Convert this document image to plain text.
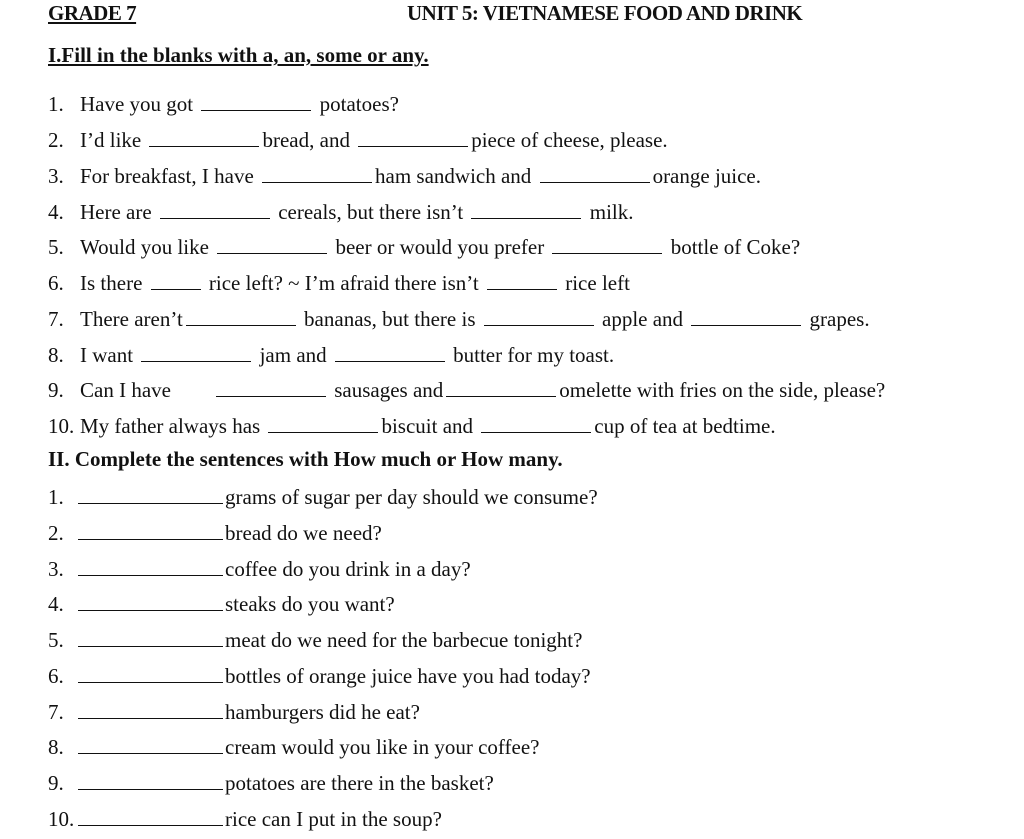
GRADE 7	UNIT 5: VIETNAMESE FOOD AND DRINK
I.Fill in the blanks with a, an, some or any.
1. Have you got	potatoes?
2. I’d like	bread, and	piece of cheese, please.
3. For breakfast, I have	ham sandwich and	orange juice.
4. Here are	cereals, but there isn’t	milk.
5. Would you like	beer or would you prefer	bottle of Coke?
6. Is there	rice left? ~ I’m afraid there isn’t	rice left
7. There aren’t	bananas, but there is	apple and	grapes.
8. I want	jam and	butter for my toast.
9. Can I have	sausages and	omelette with fries on the side, please?
10. My father always has	biscuit and	cup of tea at bedtime.
II. Complete the sentences with How much or How many.
1.	grams of sugar per day should we consume?
2.	bread do we need?
3.	coffee do you drink in a day?
4.	steaks do you want?
5.	meat do we need for the barbecue tonight?
6.	bottles of orange juice have you had today?
7.	hamburgers did he eat?
8.	cream would you like in your coffee?
9.	potatoes are there in the basket?
10.	rice can I put in the soup?
